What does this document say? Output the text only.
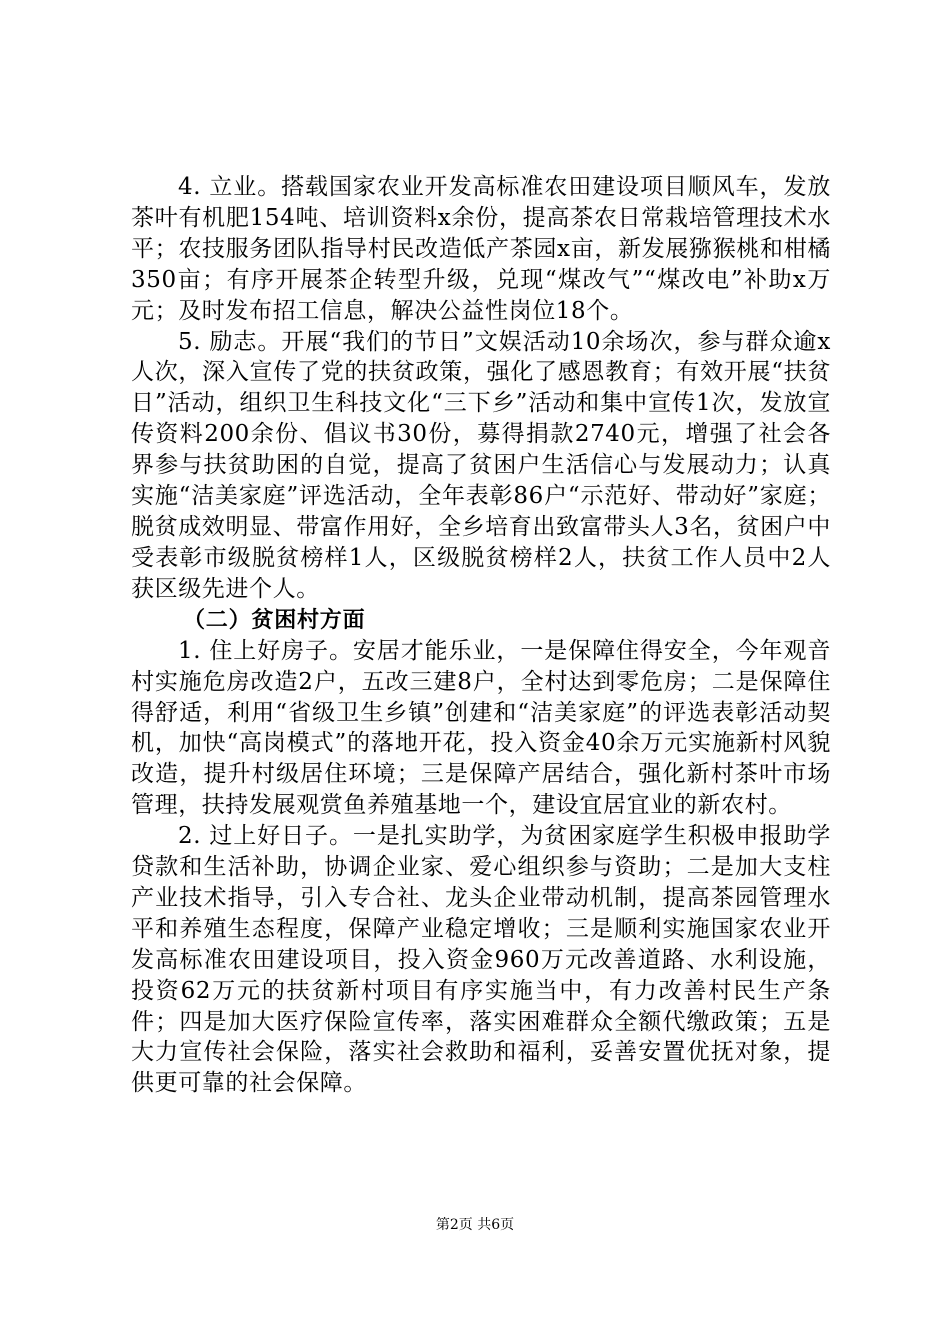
4. 立业。搭载国家农业开发高标准农田建设项目顺风车，发放茶叶有机肥154吨、培训资料x余份，提高茶农日常栽培管理技术水平；农技服务团队指导村民改造低产茶园x亩，新发展猕猴桃和柑橘350亩；有序开展茶企转型升级，兑现“煤改气”“煤改电”补助x万元；及时发布招工信息，解决公益性岗位18个。

5. 励志。开展“我们的节日”文娱活动10余场次，参与群众逾x人次，深入宣传了党的扶贫政策，强化了感恩教育；有效开展“扶贫日”活动，组织卫生科技文化“三下乡”活动和集中宣传1次，发放宣传资料200余份、倡议书30份，募得捐款2740元，增强了社会各界参与扶贫助困的自觉，提高了贫困户生活信心与发展动力；认真实施“洁美家庭”评选活动，全年表彰86户“示范好、带动好”家庭；脱贫成效明显、带富作用好，全乡培育出致富带头人3名，贫困户中受表彰市级脱贫榜样1人，区级脱贫榜样2人，扶贫工作人员中2人获区级先进个人。

（二）贫困村方面

1. 住上好房子。安居才能乐业，一是保障住得安全，今年观音村实施危房改造2户，五改三建8户，全村达到零危房；二是保障住得舒适，利用“省级卫生乡镇”创建和“洁美家庭”的评选表彰活动契机，加快“高岗模式”的落地开花，投入资金40余万元实施新村风貌改造，提升村级居住环境；三是保障产居结合，强化新村茶叶市场管理，扶持发展观赏鱼养殖基地一个，建设宜居宜业的新农村。

2. 过上好日子。一是扎实助学，为贫困家庭学生积极申报助学贷款和生活补助，协调企业家、爱心组织参与资助；二是加大支柱产业技术指导，引入专合社、龙头企业带动机制，提高茶园管理水平和养殖生态程度，保障产业稳定增收；三是顺利实施国家农业开发高标准农田建设项目，投入资金960万元改善道路、水利设施，投资62万元的扶贫新村项目有序实施当中，有力改善村民生产条件；四是加大医疗保险宣传率，落实困难群众全额代缴政策；五是大力宣传社会保险，落实社会救助和福利，妥善安置优抚对象，提供更可靠的社会保障。

第2页 共6页
